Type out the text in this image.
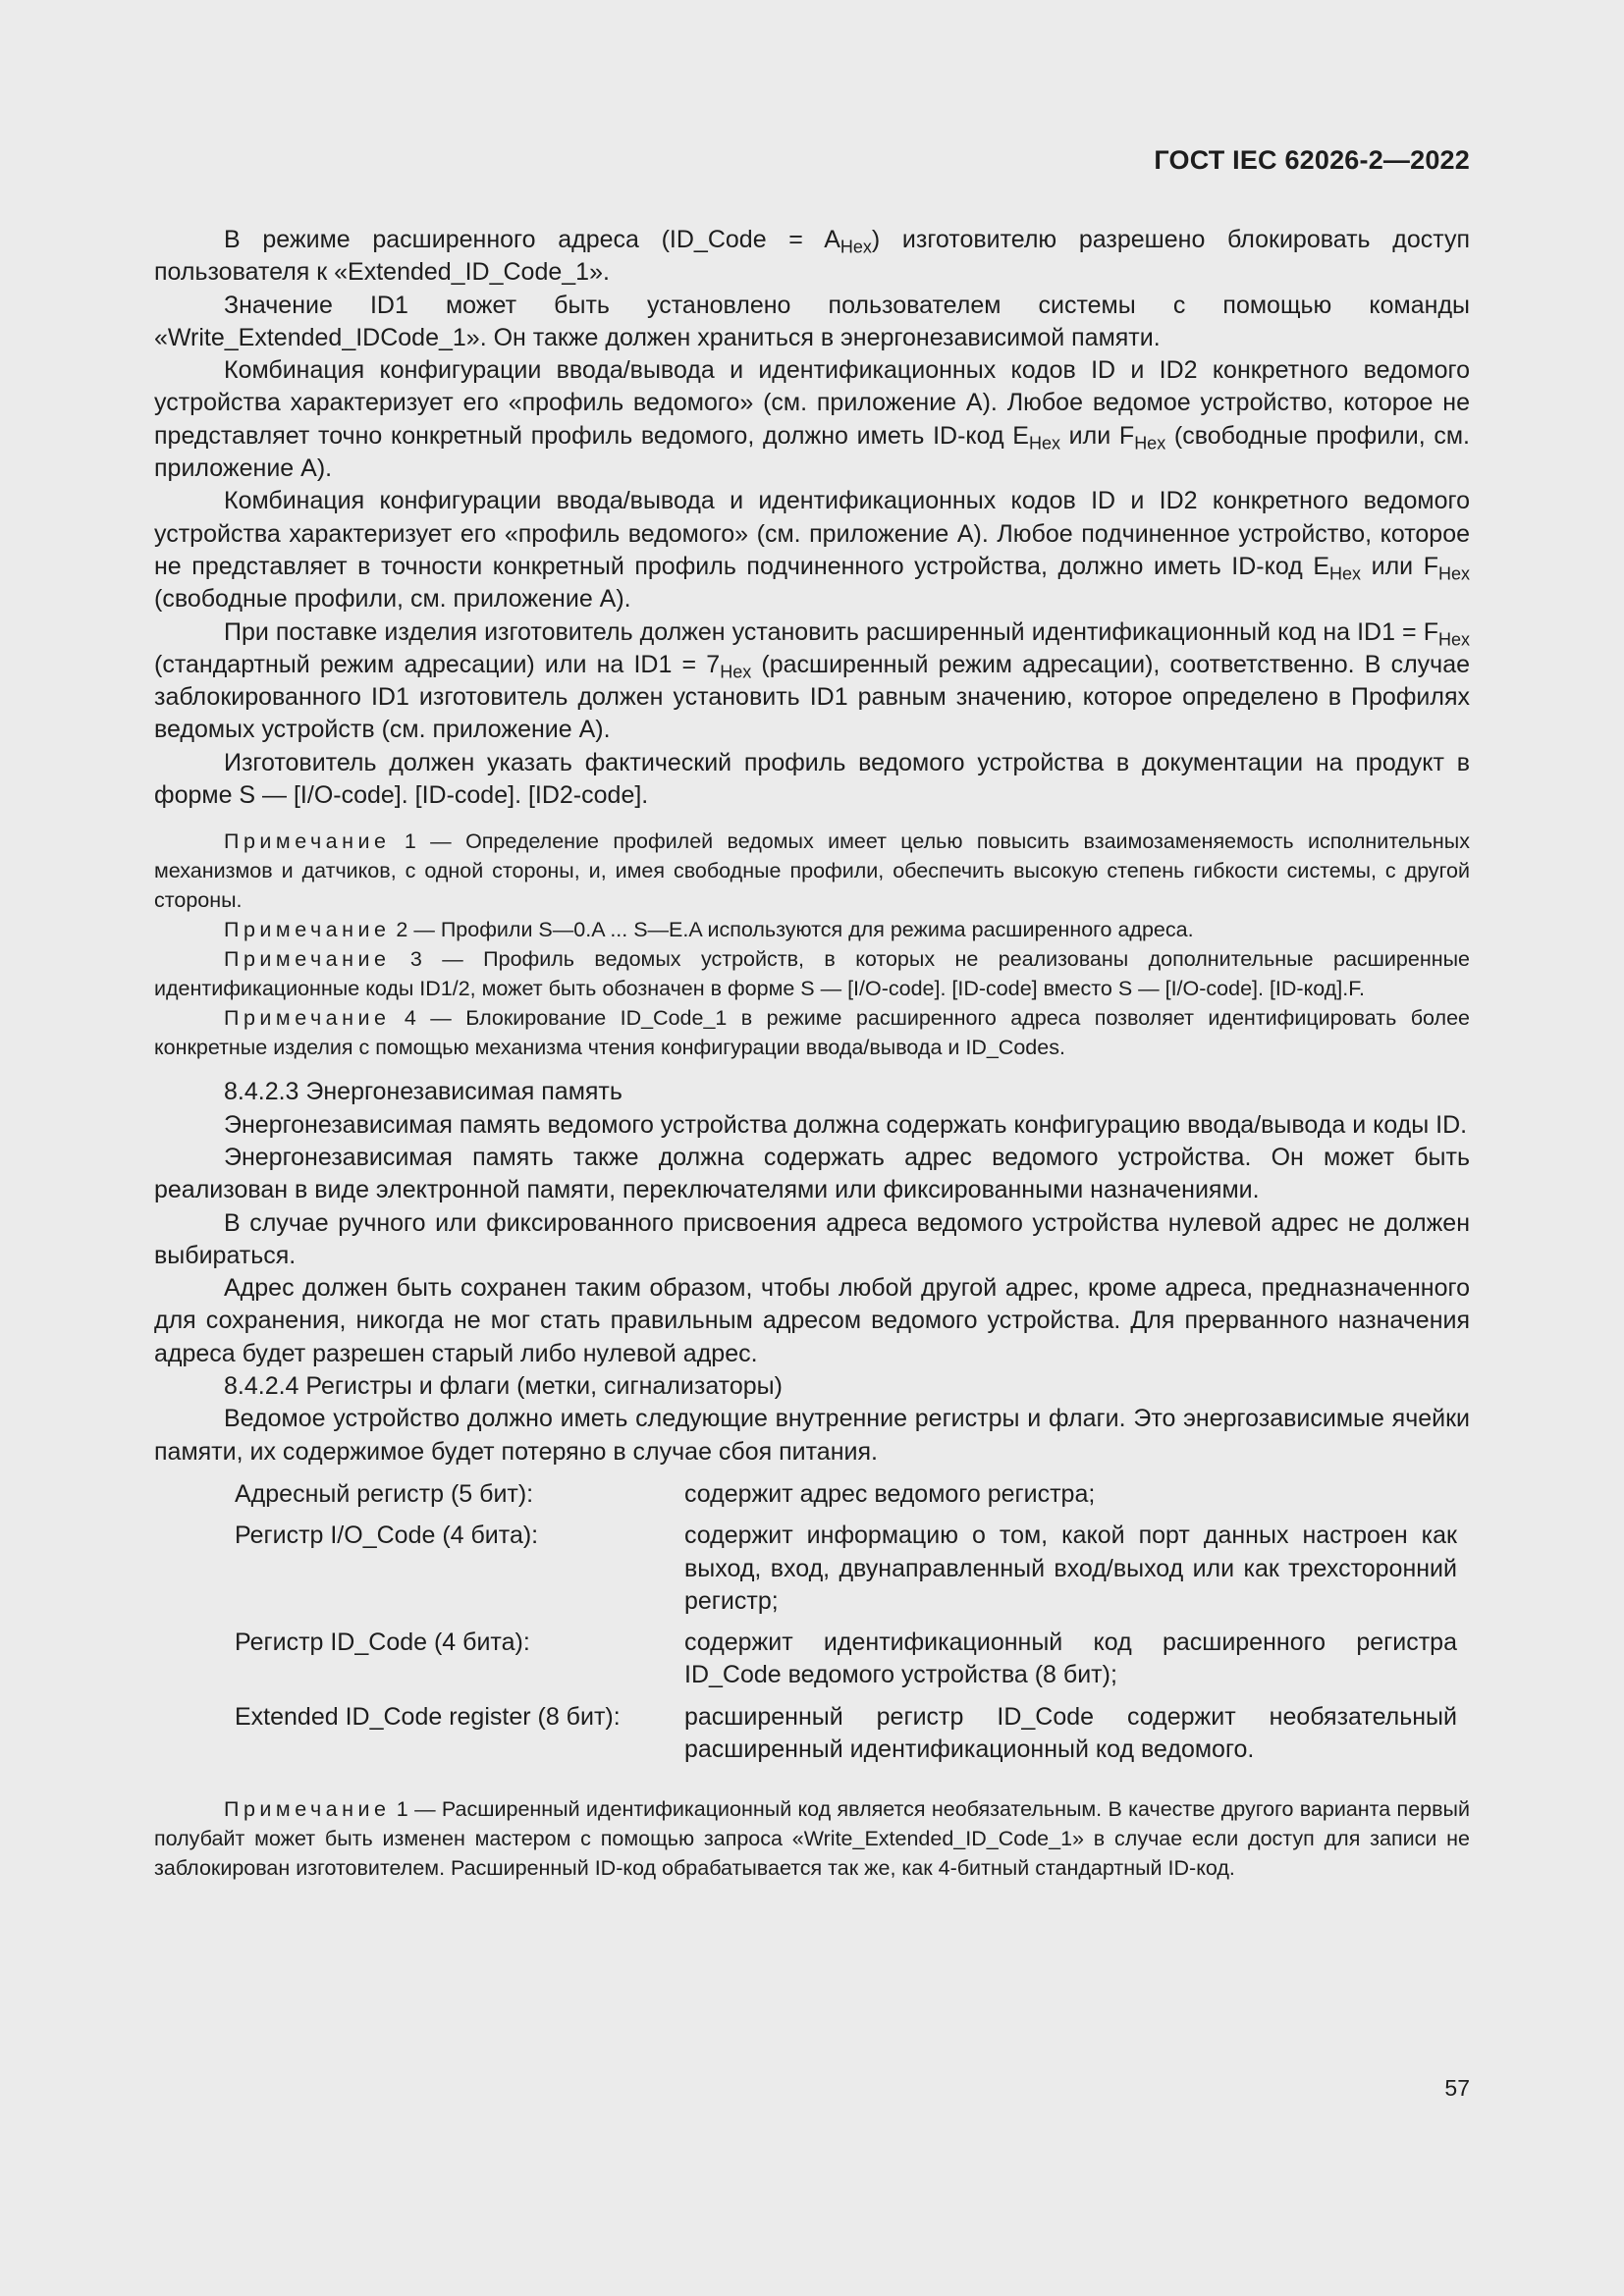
ГОСТ IEC 62026-2—2022

В режиме расширенного адреса (ID_Code = $A_{Hex}$) изготовителю разрешено блокировать доступ пользователя к «Extended_ID_Code_1».

Значение ID1 может быть установлено пользователем системы с помощью команды «Write_Extended_IDCode_1». Он также должен храниться в энергонезависимой памяти.

Комбинация конфигурации ввода/вывода и идентификационных кодов ID и ID2 конкретного ведомого устройства характеризует его «профиль ведомого» (см. приложение А). Любое ведомое устройство, которое не представляет точно конкретный профиль ведомого, должно иметь ID-код $E_{Hex}$ или $F_{Hex}$ (свободные профили, см. приложение А).

Комбинация конфигурации ввода/вывода и идентификационных кодов ID и ID2 конкретного ведомого устройства характеризует его «профиль ведомого» (см. приложение А). Любое подчиненное устройство, которое не представляет в точности конкретный профиль подчиненного устройства, должно иметь ID-код $E_{Hex}$ или $F_{Hex}$ (свободные профили, см. приложение А).

При поставке изделия изготовитель должен установить расширенный идентификационный код на $ID1 = F_{Hex}$ (стандартный режим адресации) или на $ID1 = 7_{Hex}$ (расширенный режим адресации), соответственно. В случае заблокированного ID1 изготовитель должен установить ID1 равным значению, которое определено в Профилях ведомых устройств (см. приложение А).

Изготовитель должен указать фактический профиль ведомого устройства в документации на продукт в форме S — [I/O-code]. [ID-code]. [ID2-code].

Примечание 1 — Определение профилей ведомых имеет целью повысить взаимозаменяемость исполнительных механизмов и датчиков, с одной стороны, и, имея свободные профили, обеспечить высокую степень гибкости системы, с другой стороны.

Примечание 2 — Профили S—0.A ... S—E.A используются для режима расширенного адреса.

Примечание 3 — Профиль ведомых устройств, в которых не реализованы дополнительные расширенные идентификационные коды ID1/2, может быть обозначен в форме S — [I/O-code]. [ID-code] вместо S — [I/O-code]. [ID-код].F.

Примечание 4 — Блокирование ID_Code_1 в режиме расширенного адреса позволяет идентифицировать более конкретные изделия с помощью механизма чтения конфигурации ввода/вывода и ID_Codes.

8.4.2.3 Энергонезависимая память

Энергонезависимая память ведомого устройства должна содержать конфигурацию ввода/вывода и коды ID.

Энергонезависимая память также должна содержать адрес ведомого устройства. Он может быть реализован в виде электронной памяти, переключателями или фиксированными назначениями.

В случае ручного или фиксированного присвоения адреса ведомого устройства нулевой адрес не должен выбираться.

Адрес должен быть сохранен таким образом, чтобы любой другой адрес, кроме адреса, предназначенного для сохранения, никогда не мог стать правильным адресом ведомого устройства. Для прерванного назначения адреса будет разрешен старый либо нулевой адрес.

8.4.2.4 Регистры и флаги (метки, сигнализаторы)

Ведомое устройство должно иметь следующие внутренние регистры и флаги. Это энергозависимые ячейки памяти, их содержимое будет потеряно в случае сбоя питания.

Адресный регистр (5 бит):	содержит адрес ведомого регистра;
Регистр I/O_Code (4 бита):	содержит информацию о том, какой порт данных настроен как выход, вход, двунаправленный вход/выход или как трехсторонний регистр;
Регистр ID_Code (4 бита):	содержит идентификационный код расширенного регистра ID_Code ведомого устройства (8 бит);
Extended ID_Code register (8 бит):	расширенный регистр ID_Code содержит необязательный расширенный идентификационный код ведомого.

Примечание 1 — Расширенный идентификационный код является необязательным. В качестве другого варианта первый полубайт может быть изменен мастером с помощью запроса «Write_Extended_ID_Code_1» в случае если доступ для записи не заблокирован изготовителем. Расширенный ID-код обрабатывается так же, как 4-битный стандартный ID-код.

57
